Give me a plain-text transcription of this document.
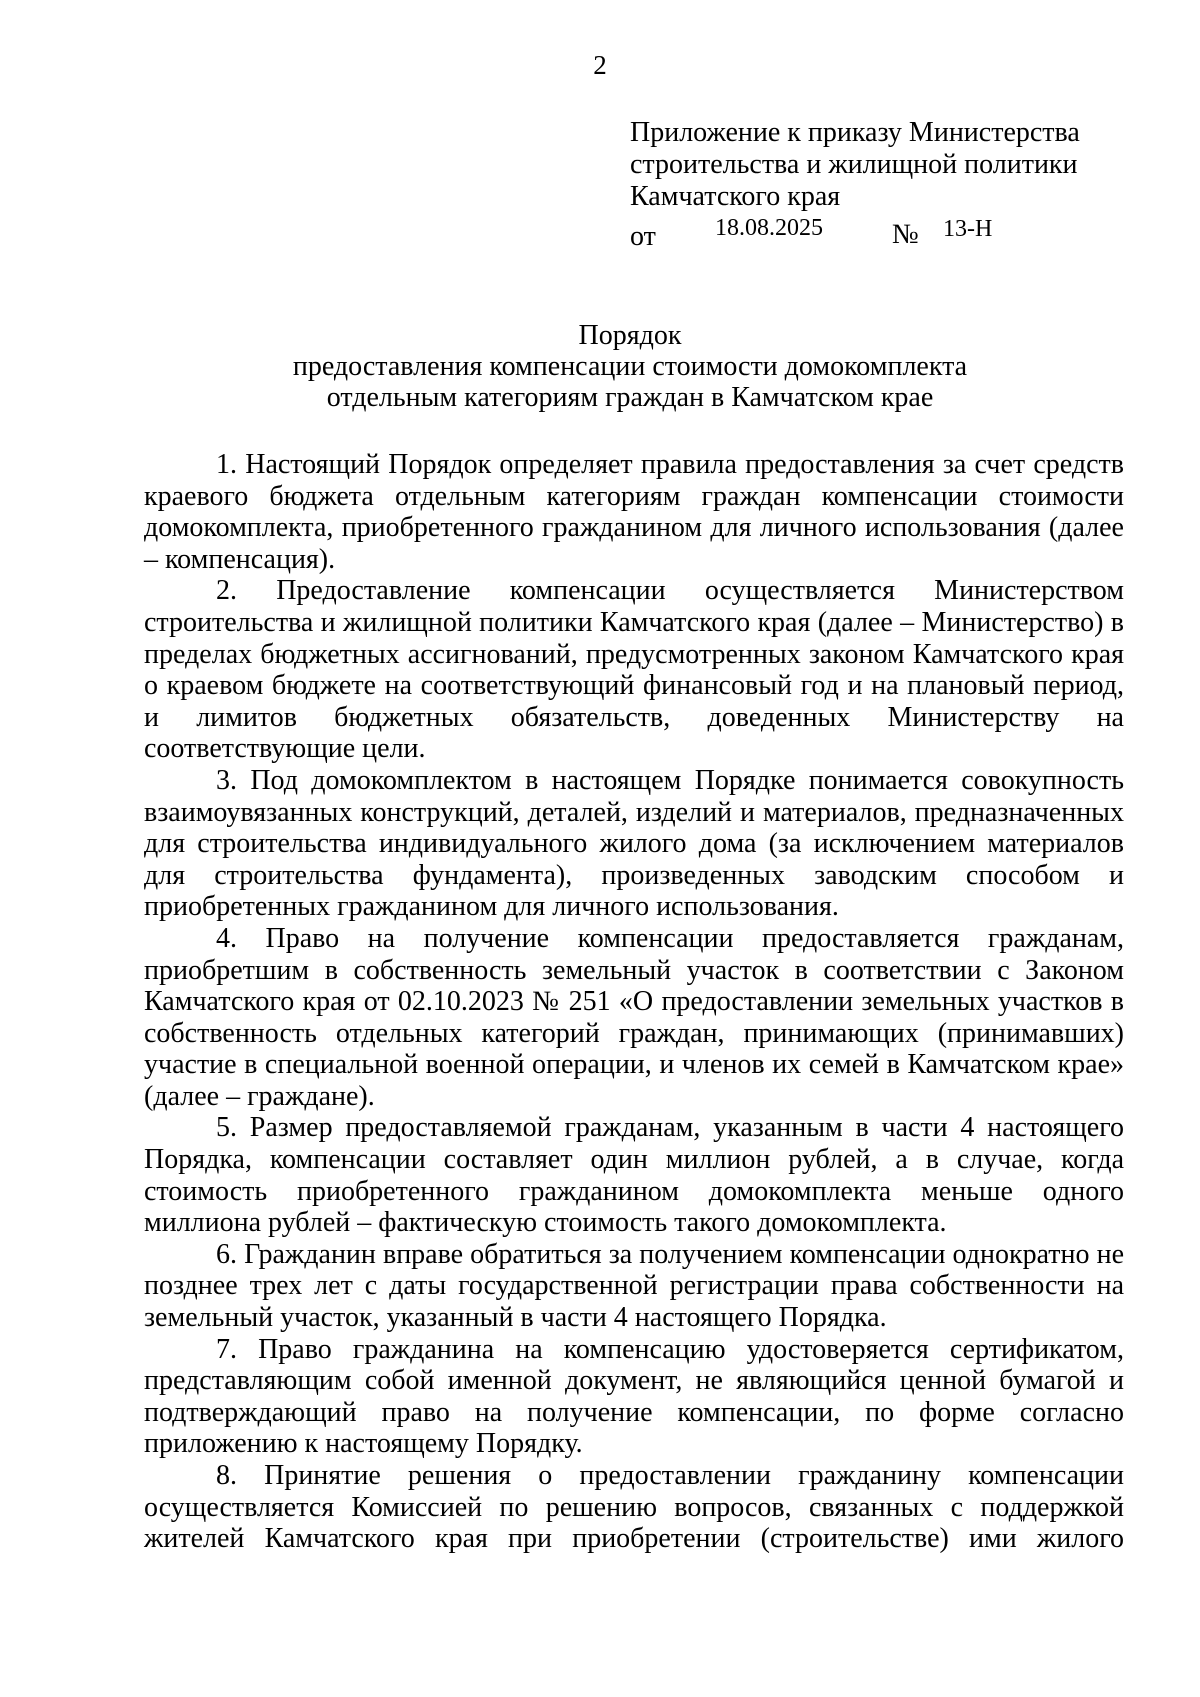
2
Приложение к приказу Министерства
строительства и жилищной политики
Камчатского края
от 18.08.2025 № 13-Н
Порядок
предоставления компенсации стоимости домокомплекта
отдельным категориям граждан в Камчатском крае

1. Настоящий Порядок определяет правила предоставления за счет средств краевого бюджета отдельным категориям граждан компенсации стоимости домокомплекта, приобретенного гражданином для личного использования (далее – компенсация).

2. Предоставление компенсации осуществляется Министерством строительства и жилищной политики Камчатского края (далее – Министерство) в пределах бюджетных ассигнований, предусмотренных законом Камчатского края о краевом бюджете на соответствующий финансовый год и на плановый период, и лимитов бюджетных обязательств, доведенных Министерству на соответствующие цели.

3. Под домокомплектом в настоящем Порядке понимается совокупность взаимоувязанных конструкций, деталей, изделий и материалов, предназначенных для строительства индивидуального жилого дома (за исключением материалов для строительства фундамента), произведенных заводским способом и приобретенных гражданином для личного использования.

4. Право на получение компенсации предоставляется гражданам, приобретшим в собственность земельный участок в соответствии с Законом Камчатского края от 02.10.2023 № 251 «О предоставлении земельных участков в собственность отдельных категорий граждан, принимающих (принимавших) участие в специальной военной операции, и членов их семей в Камчатском крае» (далее – граждане).

5. Размер предоставляемой гражданам, указанным в части 4 настоящего Порядка, компенсации составляет один миллион рублей, а в случае, когда стоимость приобретенного гражданином домокомплекта меньше одного миллиона рублей – фактическую стоимость такого домокомплекта.

6. Гражданин вправе обратиться за получением компенсации однократно не позднее трех лет с даты государственной регистрации права собственности на земельный участок, указанный в части 4 настоящего Порядка.

7. Право гражданина на компенсацию удостоверяется сертификатом, представляющим собой именной документ, не являющийся ценной бумагой и подтверждающий право на получение компенсации, по форме согласно приложению к настоящему Порядку.

8. Принятие решения о предоставлении гражданину компенсации осуществляется Комиссией по решению вопросов, связанных с поддержкой жителей Камчатского края при приобретении (строительстве) ими жилого
